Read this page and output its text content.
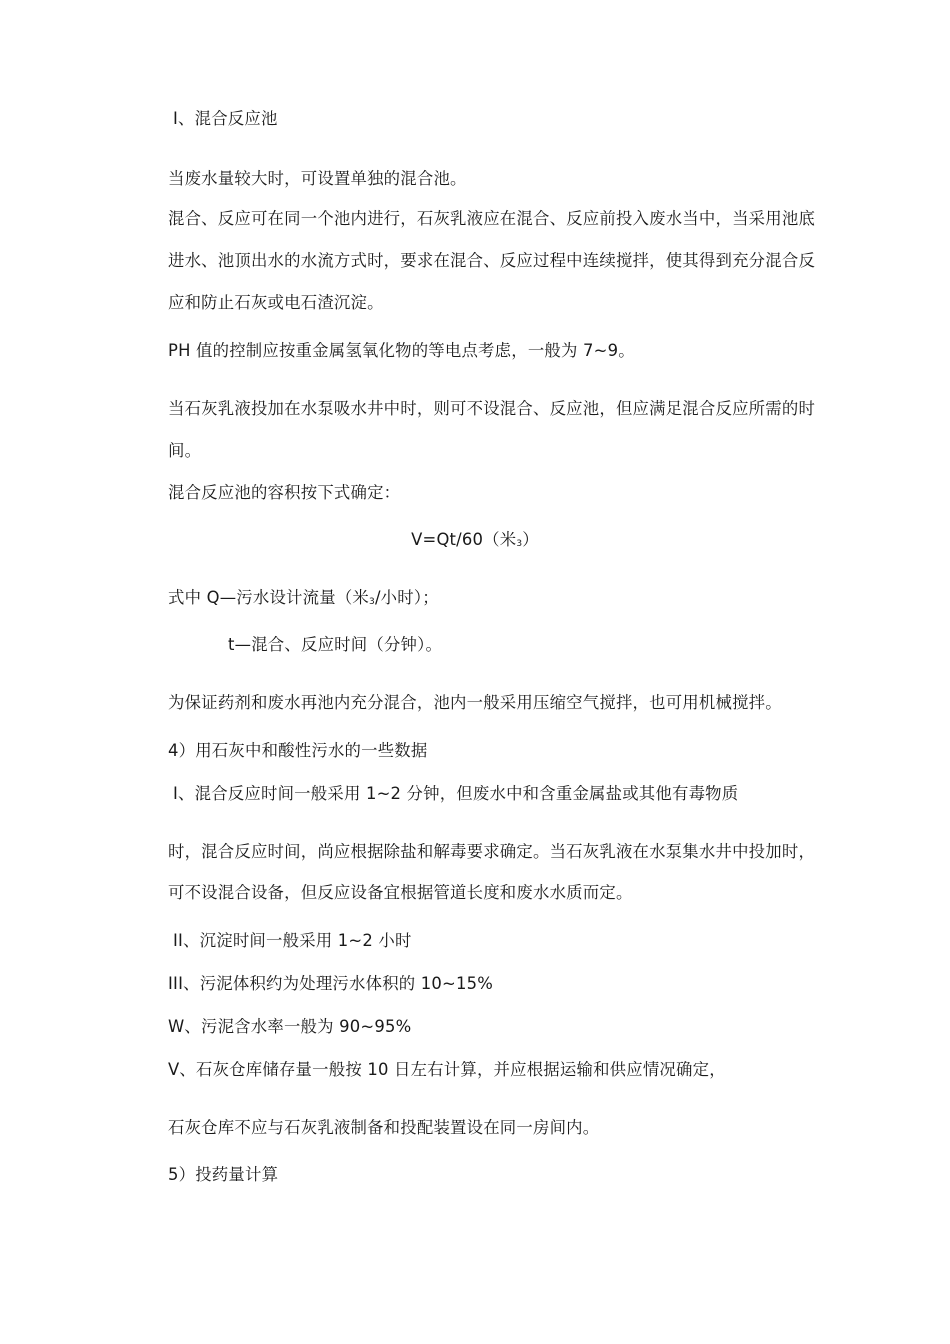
I、混合反应池
当废水量较大时，可设置单独的混合池。
混合、反应可在同一个池内进行，石灰乳液应在混合、反应前投入废水当中，当采用池底
进水、池顶出水的水流方式时，要求在混合、反应过程中连续搅拌，使其得到充分混合反
应和防止石灰或电石渣沉淀。
PH 值的控制应按重金属氢氧化物的等电点考虑，一般为 7~9。
当石灰乳液投加在水泵吸水井中时，则可不设混合、反应池，但应满足混合反应所需的时
间。
混合反应池的容积按下式确定：
V=Qt/60（米$_3$）
式中 Q—污水设计流量（米$_3$/小时）；
t—混合、反应时间（分钟）。
为保证药剂和废水再池内充分混合，池内一般采用压缩空气搅拌，也可用机械搅拌。
4）用石灰中和酸性污水的一些数据
I、混合反应时间一般采用 1~2 分钟，但废水中和含重金属盐或其他有毒物质
时，混合反应时间，尚应根据除盐和解毒要求确定。当石灰乳液在水泵集水井中投加时，
可不设混合设备，但反应设备宜根据管道长度和废水水质而定。
II、沉淀时间一般采用 1~2 小时
III、污泥体积约为处理污水体积的 10~15%
W、污泥含水率一般为 90~95%
V、石灰仓库储存量一般按 10 日左右计算，并应根据运输和供应情况确定，
石灰仓库不应与石灰乳液制备和投配装置设在同一房间内。
5）投药量计算
